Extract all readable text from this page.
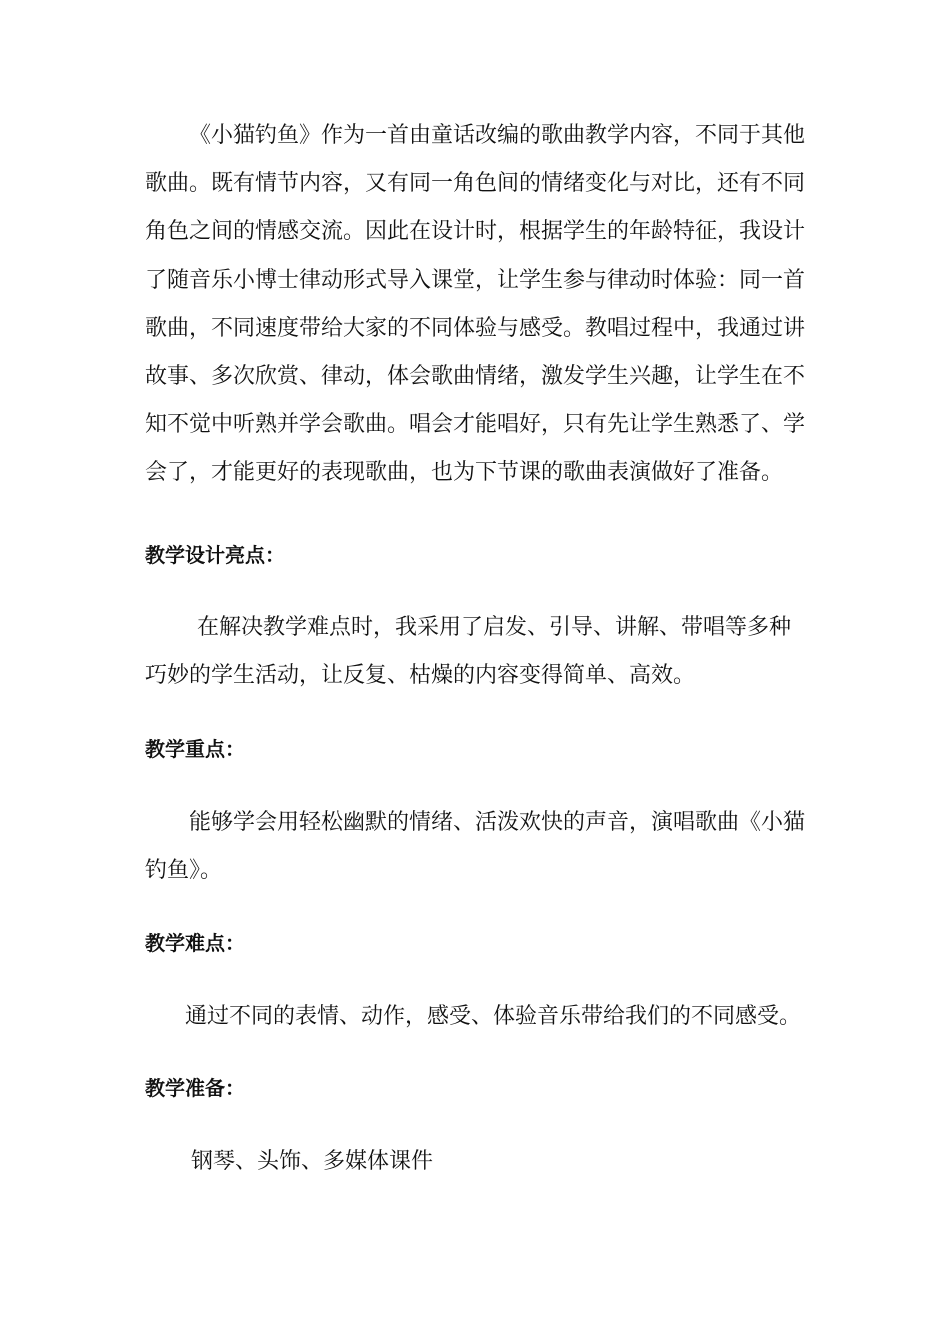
《小猫钓鱼》作为一首由童话改编的歌曲教学内容，不同于其他歌曲。既有情节内容，又有同一角色间的情绪变化与对比，还有不同角色之间的情感交流。因此在设计时，根据学生的年龄特征，我设计了随音乐小博士律动形式导入课堂，让学生参与律动时体验：同一首歌曲，不同速度带给大家的不同体验与感受。教唱过程中，我通过讲故事、多次欣赏、律动，体会歌曲情绪，激发学生兴趣，让学生在不知不觉中听熟并学会歌曲。唱会才能唱好，只有先让学生熟悉了、学会了，才能更好的表现歌曲，也为下节课的歌曲表演做好了准备。

教学设计亮点：

在解决教学难点时，我采用了启发、引导、讲解、带唱等多种巧妙的学生活动，让反复、枯燥的内容变得简单、高效。

教学重点：

能够学会用轻松幽默的情绪、活泼欢快的声音，演唱歌曲《小猫钓鱼》。

教学难点：

通过不同的表情、动作，感受、体验音乐带给我们的不同感受。

教学准备：

钢琴、头饰、多媒体课件
